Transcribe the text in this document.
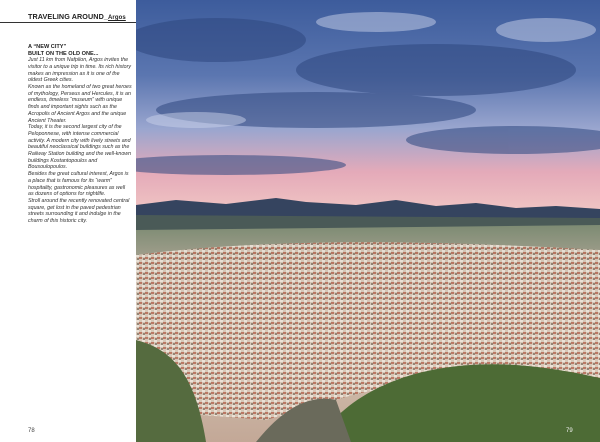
TRAVELING AROUND_Argos

A “NEW CITY”

BUILT ON THE OLD ONE...

Just 11 km from Nafplion, Argos invites the visitor to a unique trip in time. Its rich history makes an impression as it is one of the oldest Greek cities.

Known as the homeland of two great heroes of mythology, Perseus and Hercules, it is an endless, timeless “museum” with unique finds and important sights such as the Acropolis of Ancient Argos and the unique Ancient Theater.

Today, it is the second largest city of the Peloponnese, with intense commercial activity. A modern city with lively streets and beautiful neoclassical buildings such as the Railway Station building and the well-known buildings Kostantopoulos and Bousoulopoulos.

Besides the great cultural interest, Argos is a place that is famous for its “warm” hospitality, gastronomic pleasures as well as dozens of options for nightlife.

Stroll around the recently renovated central square, get lost in the paved pedestrian streets surrounding it and indulge in the charm of this historic city.

78	79
